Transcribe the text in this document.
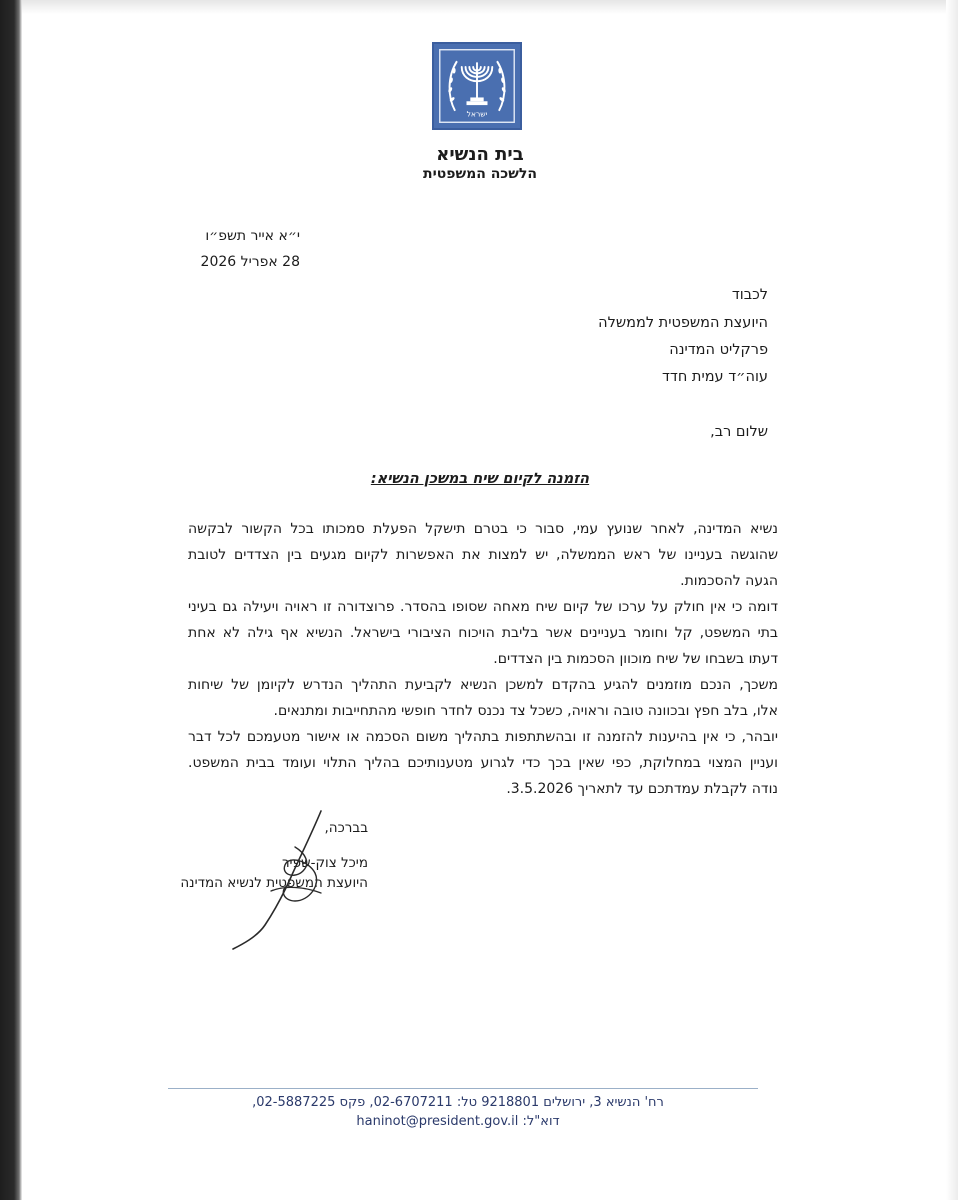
ישראל
בית הנשיא
הלשכה המשפטית
י״א אייר תשפ״ו
28 אפריל 2026
לכבוד
היועצת המשפטית לממשלה
פרקליט המדינה
עוה״ד עמית חדד
שלום רב,
הזמנה לקיום שיח במשכן הנשיא:
נשיא המדינה, לאחר שנועץ עמי, סבור כי בטרם תישקל הפעלת סמכותו בכל הקשור לבקשה
שהוגשה בעניינו של ראש הממשלה, יש למצות את האפשרות לקיום מגעים בין הצדדים לטובת
הגעה להסכמות.
דומה כי אין חולק על ערכו של קיום שיח מאחה שסופו בהסדר. פרוצדורה זו ראויה ויעילה גם בעיני
בתי המשפט, קל וחומר בעניינים אשר בליבת הויכוח הציבורי בישראל. הנשיא אף גילה לא אחת
דעתו בשבחו של שיח מוכוון הסכמות בין הצדדים.
משכך, הנכם מוזמנים להגיע בהקדם למשכן הנשיא לקביעת התהליך הנדרש לקיומן של שיחות
אלו, בלב חפץ ובכוונה טובה וראויה, כשכל צד נכנס לחדר חופשי מהתחייבות ומתנאים.
יובהר, כי אין בהיענות להזמנה זו ובהשתתפות בתהליך משום הסכמה או אישור מטעמכם לכל דבר
ועניין המצוי במחלוקת, כפי שאין בכך כדי לגרוע מטענותיכם בהליך התלוי ועומד בבית המשפט.
נודה לקבלת עמדתכם עד לתאריך 3.5.2026.
בברכה,
מיכל צוק-שפיר
היועצת המשפטית לנשיא המדינה
רח' הנשיא 3, ירושלים 9218801 טל: 02-6707211, פקס 02-5887225,
דוא"ל: haninot@president.gov.il
